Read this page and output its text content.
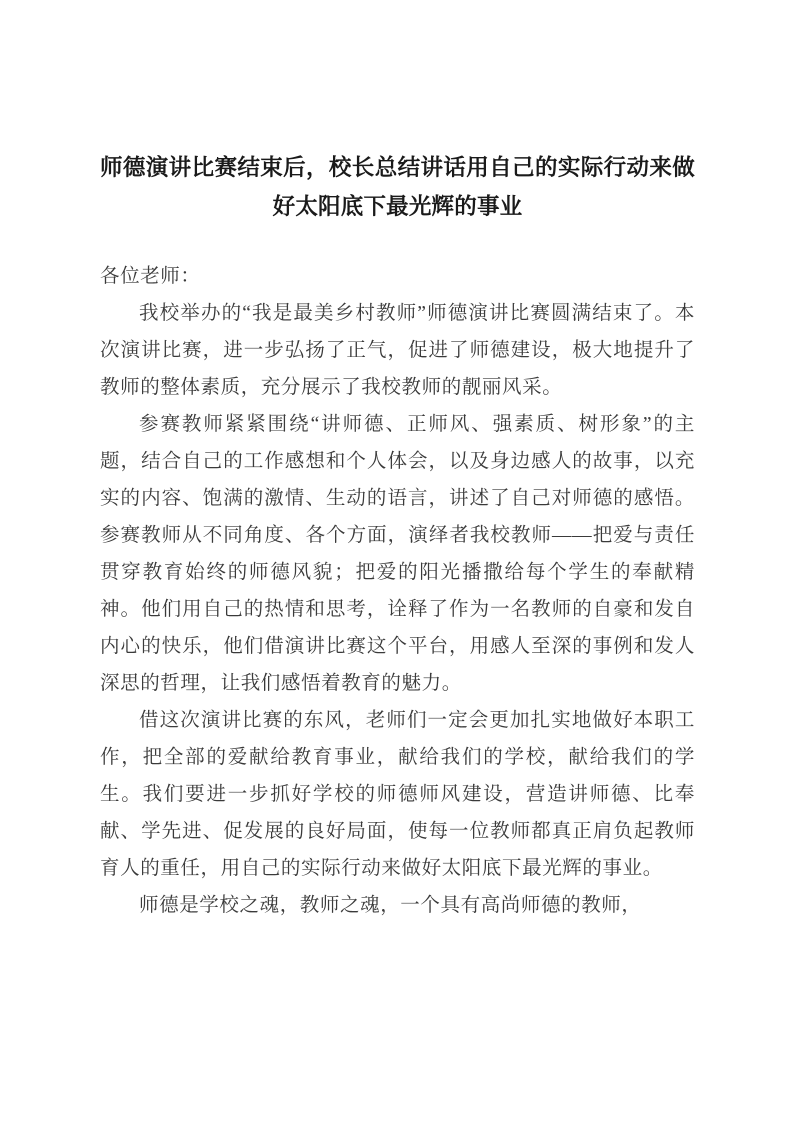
师德演讲比赛结束后，校长总结讲话用自己的实际行动来做好太阳底下最光辉的事业

各位老师：

我校举办的“我是最美乡村教师”师德演讲比赛圆满结束了。本次演讲比赛，进一步弘扬了正气，促进了师德建设，极大地提升了教师的整体素质，充分展示了我校教师的靓丽风采。

参赛教师紧紧围绕“讲师德、正师风、强素质、树形象”的主题，结合自己的工作感想和个人体会，以及身边感人的故事，以充实的内容、饱满的激情、生动的语言，讲述了自己对师德的感悟。参赛教师从不同角度、各个方面，演绎者我校教师——把爱与责任贯穿教育始终的师德风貌；把爱的阳光播撒给每个学生的奉献精神。他们用自己的热情和思考，诠释了作为一名教师的自豪和发自内心的快乐，他们借演讲比赛这个平台，用感人至深的事例和发人深思的哲理，让我们感悟着教育的魅力。

借这次演讲比赛的东风，老师们一定会更加扎实地做好本职工作，把全部的爱献给教育事业，献给我们的学校，献给我们的学生。我们要进一步抓好学校的师德师风建设，营造讲师德、比奉献、学先进、促发展的良好局面，使每一位教师都真正肩负起教师育人的重任，用自己的实际行动来做好太阳底下最光辉的事业。

师德是学校之魂，教师之魂，一个具有高尚师德的教师，
